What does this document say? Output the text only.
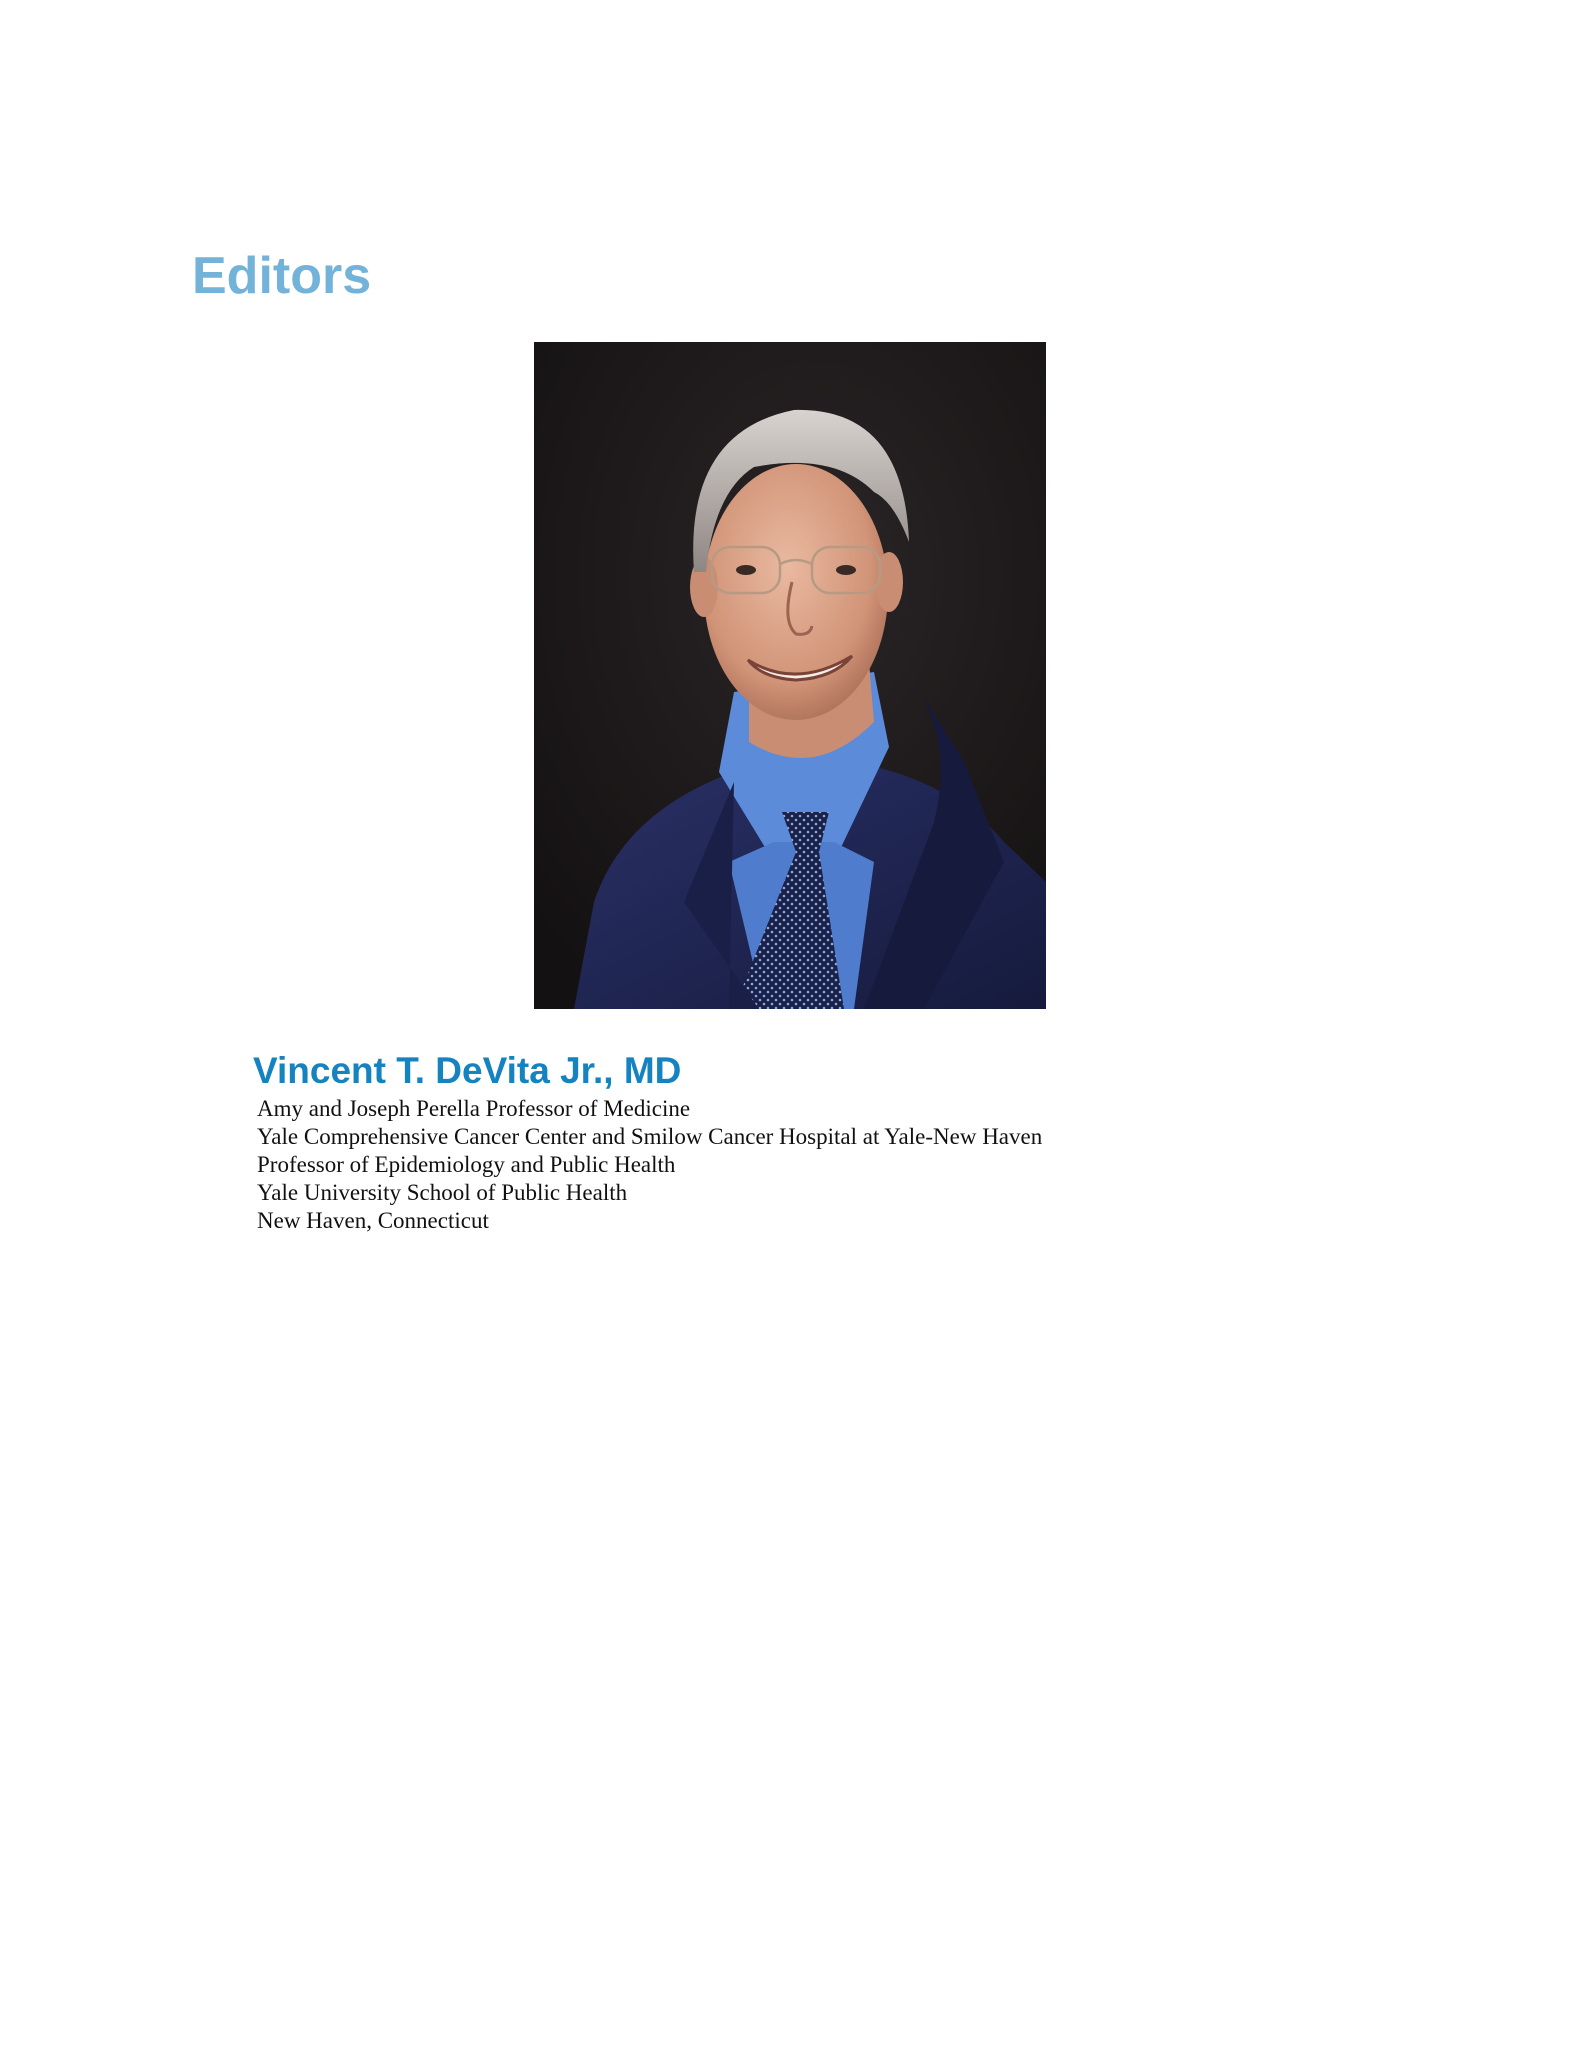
Editors
Vincent T. DeVita Jr., MD
Amy and Joseph Perella Professor of Medicine
Yale Comprehensive Cancer Center and Smilow Cancer Hospital at Yale-New Haven
Professor of Epidemiology and Public Health
Yale University School of Public Health
New Haven, Connecticut
